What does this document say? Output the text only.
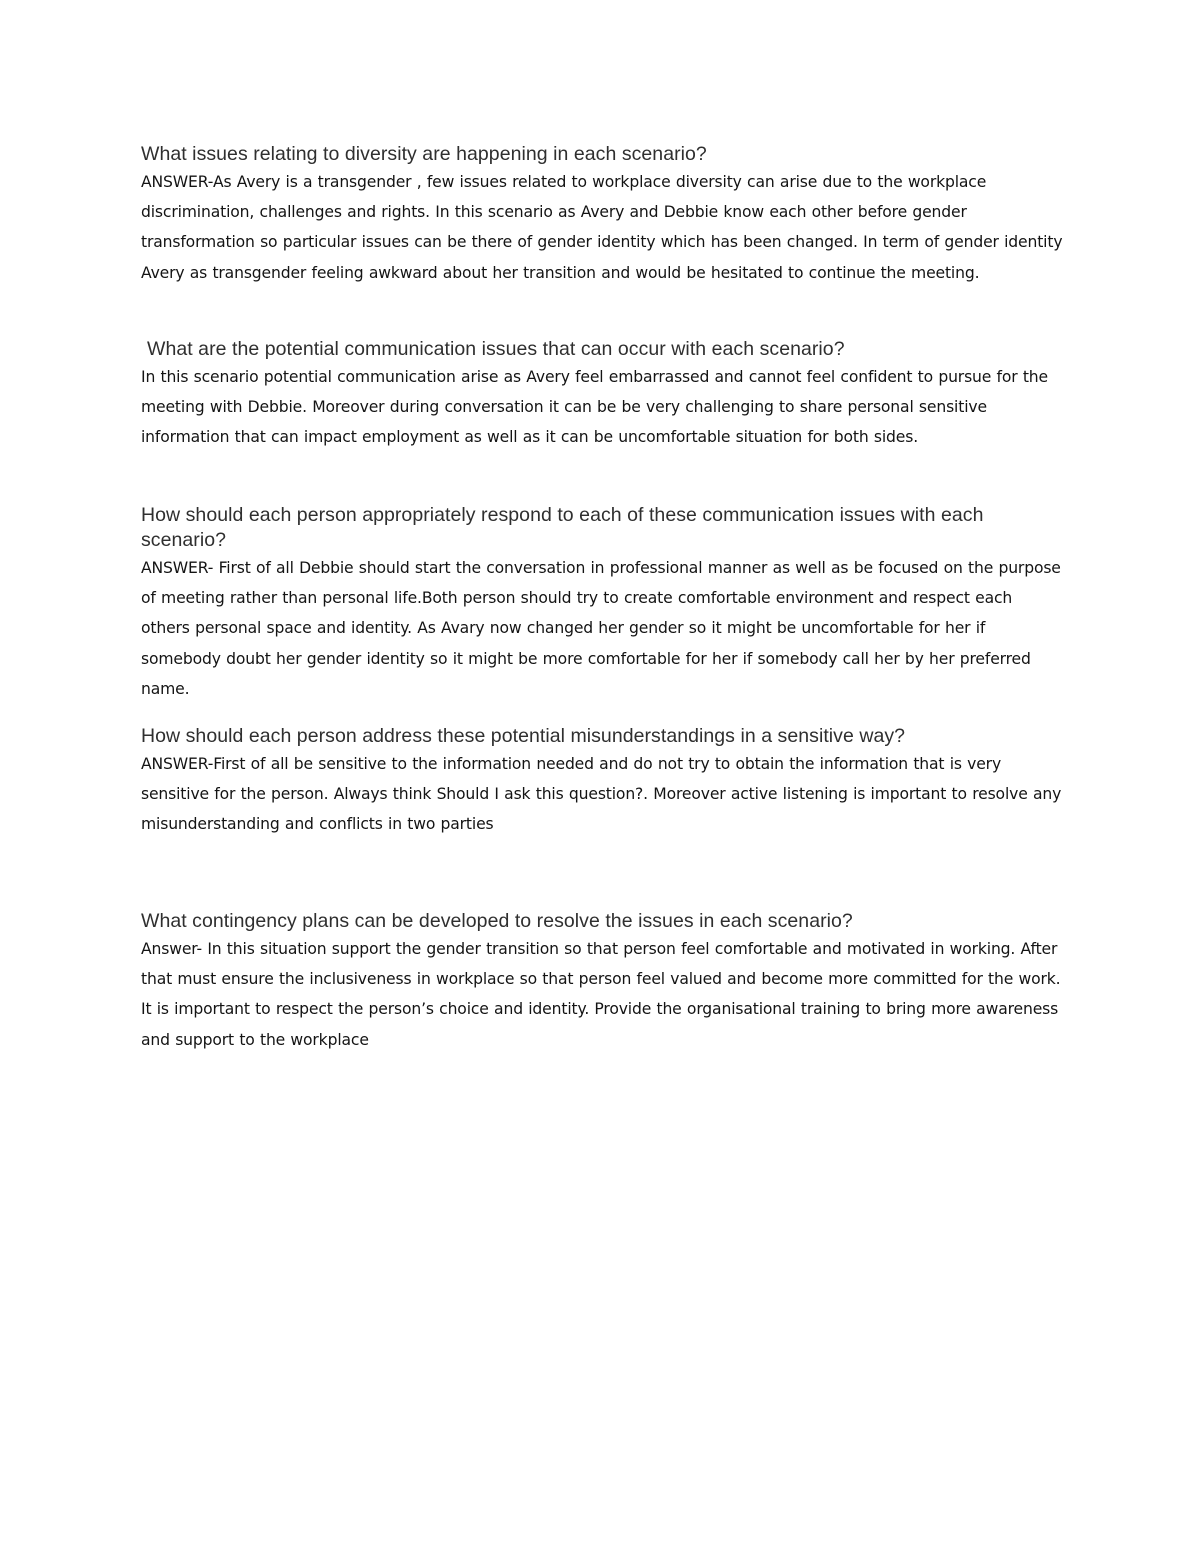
What issues relating to diversity are happening in each scenario?

ANSWER-As Avery is a transgender , few issues related to workplace diversity can arise due to the workplace discrimination, challenges and rights. In this scenario as Avery and Debbie know each other before gender transformation so particular issues can be there of gender identity which has been changed. In term of gender identity Avery as transgender feeling awkward about her transition and would be hesitated to continue the meeting.

What are the potential communication issues that can occur with each scenario?

In this scenario potential communication arise as Avery feel embarrassed and cannot feel confident to pursue for the meeting with Debbie. Moreover during conversation it can be be very challenging to share personal sensitive information that can impact employment as well as it can be uncomfortable situation for both sides.

How should each person appropriately respond to each of these communication issues with each scenario?

ANSWER- First of all Debbie should start the conversation in professional manner as well as be focused on the purpose of meeting rather than personal life.Both person should try to create comfortable environment and respect each others personal space and identity. As Avary now changed her gender so it might be uncomfortable for her if somebody doubt her gender identity so it might be more comfortable for her if somebody call her by her preferred name.

How should each person address these potential misunderstandings in a sensitive way?

ANSWER-First of all be sensitive to the information needed and do not try to obtain the information that is very sensitive for the person. Always think Should I ask this question?. Moreover active listening is important to resolve any misunderstanding and conflicts in two parties

What contingency plans can be developed to resolve the issues in each scenario?

Answer- In this situation support the gender transition so that person feel comfortable and motivated in working. After that must ensure the inclusiveness in workplace so that person feel valued and become more committed for the work. It is important to respect the person’s choice and identity. Provide the organisational training to bring more awareness and support to the workplace
